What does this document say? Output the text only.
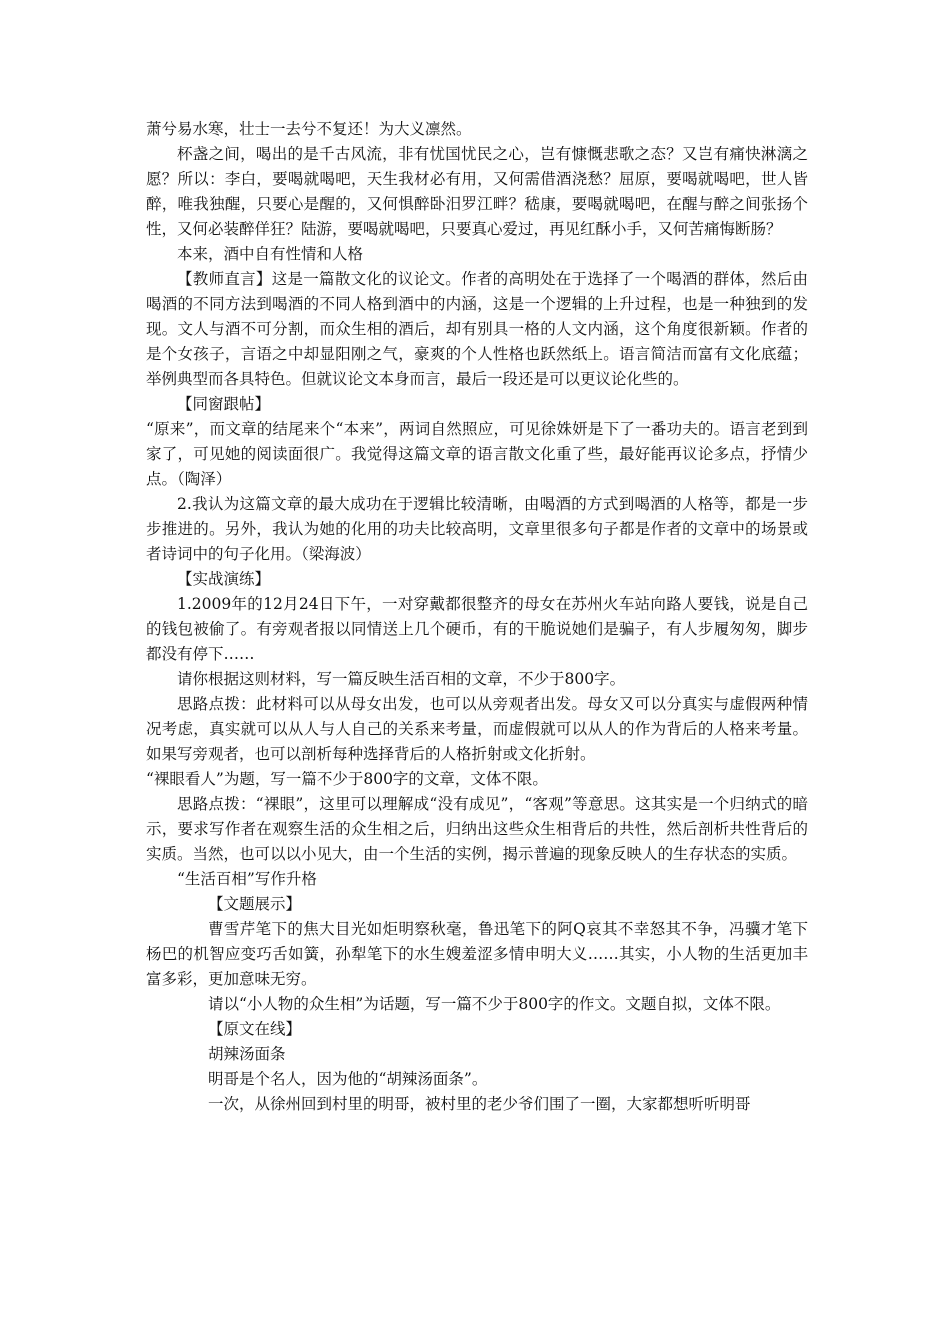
萧兮易水寒，壮士一去兮不复还！为大义凛然。

杯盏之间，喝出的是千古风流，非有忧国忧民之心，岂有慷慨悲歌之态？又岂有痛快淋漓之愿？所以：李白，要喝就喝吧，天生我材必有用，又何需借酒浇愁？屈原，要喝就喝吧，世人皆醉，唯我独醒，只要心是醒的，又何惧醉卧汨罗江畔？嵇康，要喝就喝吧，在醒与醉之间张扬个性，又何必装醉佯狂？陆游，要喝就喝吧，只要真心爱过，再见红酥小手，又何苦痛悔断肠？

本来，酒中自有性情和人格

【教师直言】这是一篇散文化的议论文。作者的高明处在于选择了一个喝酒的群体，然后由喝酒的不同方法到喝酒的不同人格到酒中的内涵，这是一个逻辑的上升过程，也是一种独到的发现。文人与酒不可分割，而众生相的酒后，却有别具一格的人文内涵，这个角度很新颖。作者的是个女孩子，言语之中却显阳刚之气，豪爽的个人性格也跃然纸上。语言简洁而富有文化底蕴；举例典型而各具特色。但就议论文本身而言，最后一段还是可以更议论化些的。

【同窗跟帖】

“原来”，而文章的结尾来个“本来”，两词自然照应，可见徐姝妍是下了一番功夫的。语言老到到家了，可见她的阅读面很广。我觉得这篇文章的语言散文化重了些，最好能再议论多点，抒情少点。（陶泽）

2.我认为这篇文章的最大成功在于逻辑比较清晰，由喝酒的方式到喝酒的人格等，都是一步步推进的。另外，我认为她的化用的功夫比较高明，文章里很多句子都是作者的文章中的场景或者诗词中的句子化用。（梁海波）

【实战演练】

1.2009年的12月24日下午，一对穿戴都很整齐的母女在苏州火车站向路人要钱，说是自己的钱包被偷了。有旁观者报以同情送上几个硬币，有的干脆说她们是骗子，有人步履匆匆，脚步都没有停下……

请你根据这则材料，写一篇反映生活百相的文章，不少于800字。

思路点拨：此材料可以从母女出发，也可以从旁观者出发。母女又可以分真实与虚假两种情况考虑，真实就可以从人与人自己的关系来考量，而虚假就可以从人的作为背后的人格来考量。如果写旁观者，也可以剖析每种选择背后的人格折射或文化折射。

“裸眼看人”为题，写一篇不少于800字的文章，文体不限。

思路点拨：“裸眼”，这里可以理解成“没有成见”，“客观”等意思。这其实是一个归纳式的暗示，要求写作者在观察生活的众生相之后，归纳出这些众生相背后的共性，然后剖析共性背后的实质。当然，也可以以小见大，由一个生活的实例，揭示普遍的现象反映人的生存状态的实质。

“生活百相”写作升格

【文题展示】

曹雪芹笔下的焦大目光如炬明察秋毫，鲁迅笔下的阿Q哀其不幸怒其不争，冯骥才笔下杨巴的机智应变巧舌如簧，孙犁笔下的水生嫂羞涩多情申明大义……其实，小人物的生活更加丰富多彩，更加意味无穷。

请以“小人物的众生相”为话题，写一篇不少于800字的作文。文题自拟，文体不限。

【原文在线】

胡辣汤面条

明哥是个名人，因为他的“胡辣汤面条”。

一次，从徐州回到村里的明哥，被村里的老少爷们围了一圈，大家都想听听明哥
